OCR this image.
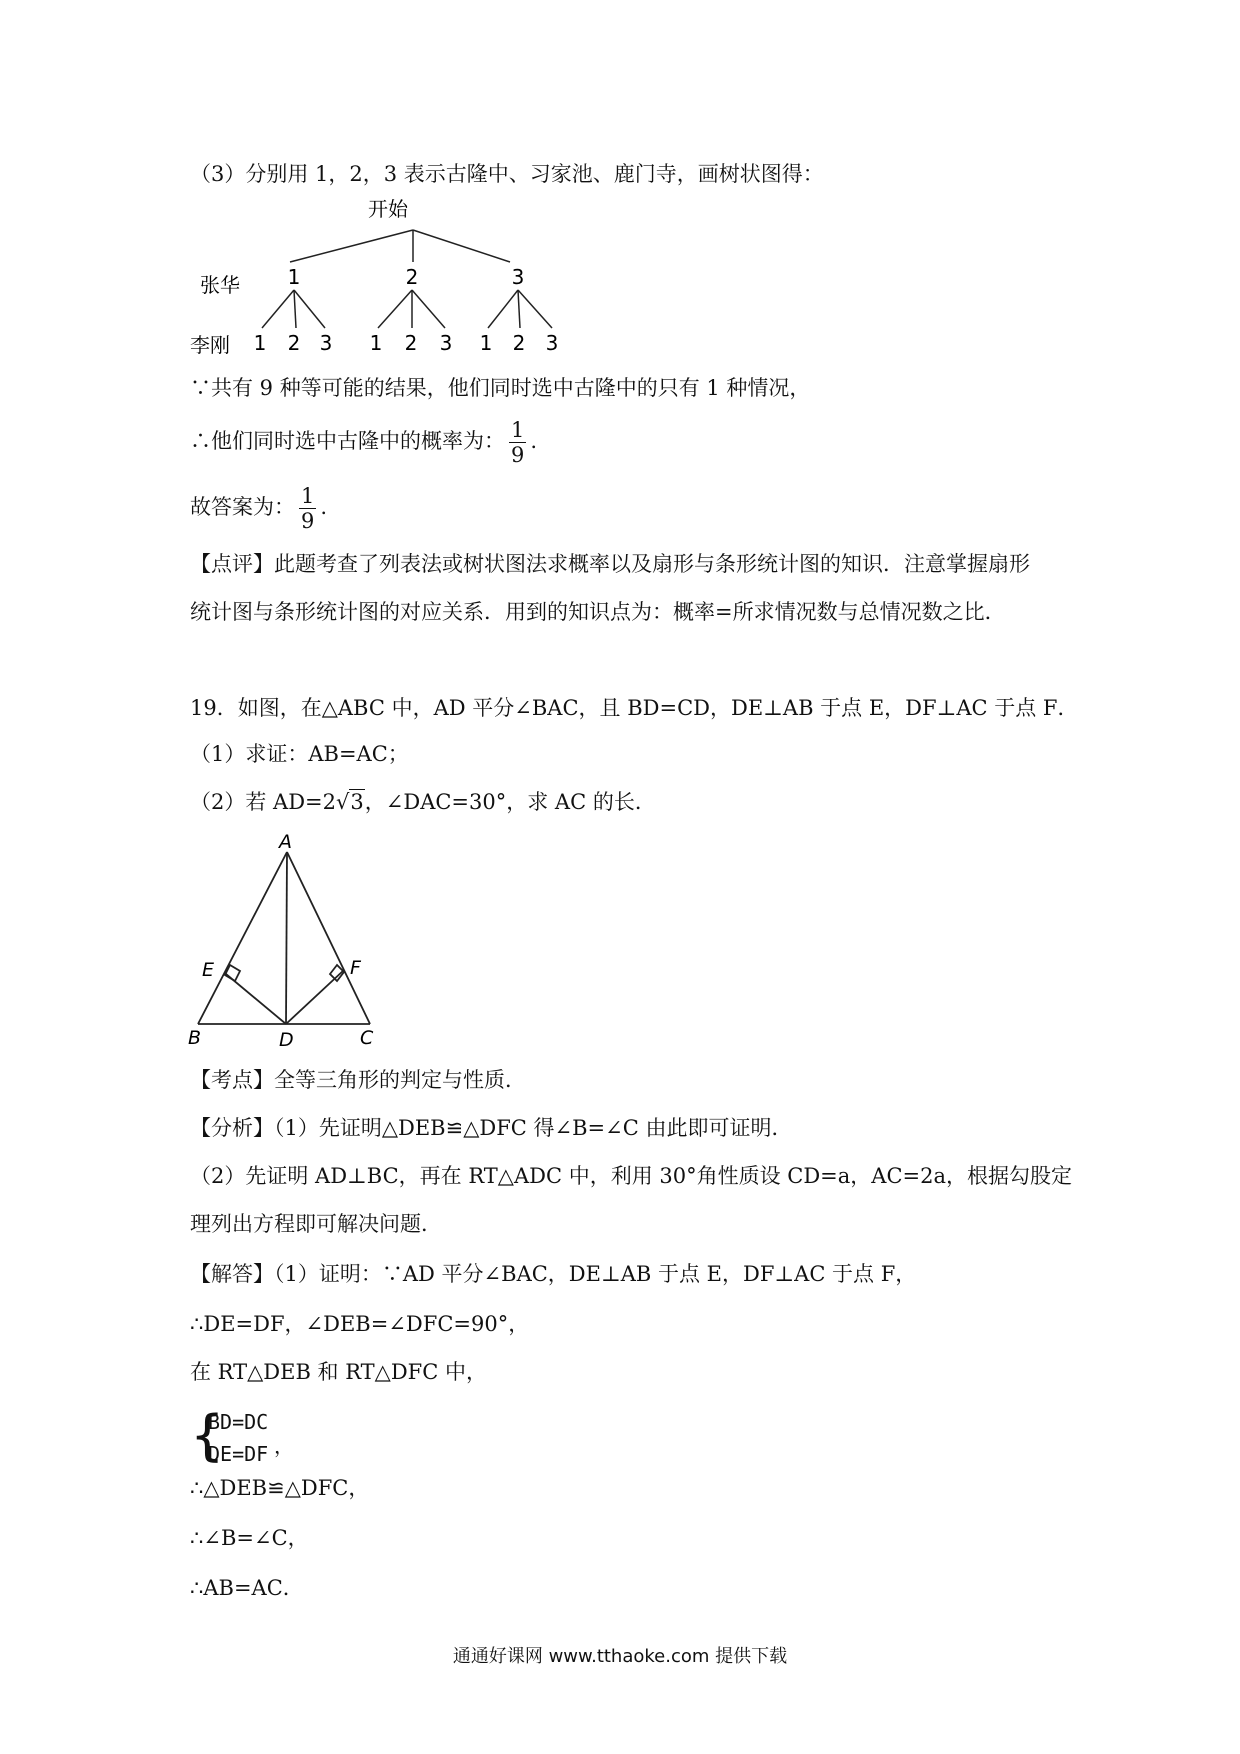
（3）分别用 1，2，3 表示古隆中、习家池、鹿门寺，画树状图得：
开始
张华 1	2	3
李刚 1 2 3 1 2 3 1 2 3
∵共有 9 种等可能的结果，他们同时选中古隆中的只有 1 种情况，
∴他们同时选中古隆中的概率为： $\frac{1}{9}$ .
故答案为： $\frac{1}{9}$ .
【点评】此题考查了列表法或树状图法求概率以及扇形与条形统计图的知识．注意掌握扇形
统计图与条形统计图的对应关系．用到的知识点为：概率=所求情况数与总情况数之比．
19．如图，在△ABC 中，AD 平分∠BAC，且 BD=CD，DE⊥AB 于点 E，DF⊥AC 于点 F．
（1）求证：AB=AC；
（2）若 AD=2√3，∠DAC=30°，求 AC 的长．
A
B	C
D
E	F
【考点】全等三角形的判定与性质．
【分析】（1）先证明△DEB≌△DFC 得∠B=∠C 由此即可证明．
（2）先证明 AD⊥BC，再在 RT△ADC 中，利用 30°角性质设 CD=a，AC=2a，根据勾股定
理列出方程即可解决问题．
【解答】（1）证明：∵AD 平分∠BAC，DE⊥AB 于点 E，DF⊥AC 于点 F，
∴DE=DF，∠DEB=∠DFC=90°，
在 RT△DEB 和 RT△DFC 中，
{
BD=DC
DE=DF ，
∴△DEB≌△DFC，
∴∠B=∠C，
∴AB=AC．
通通好课网 www.tthaoke.com 提供下载
